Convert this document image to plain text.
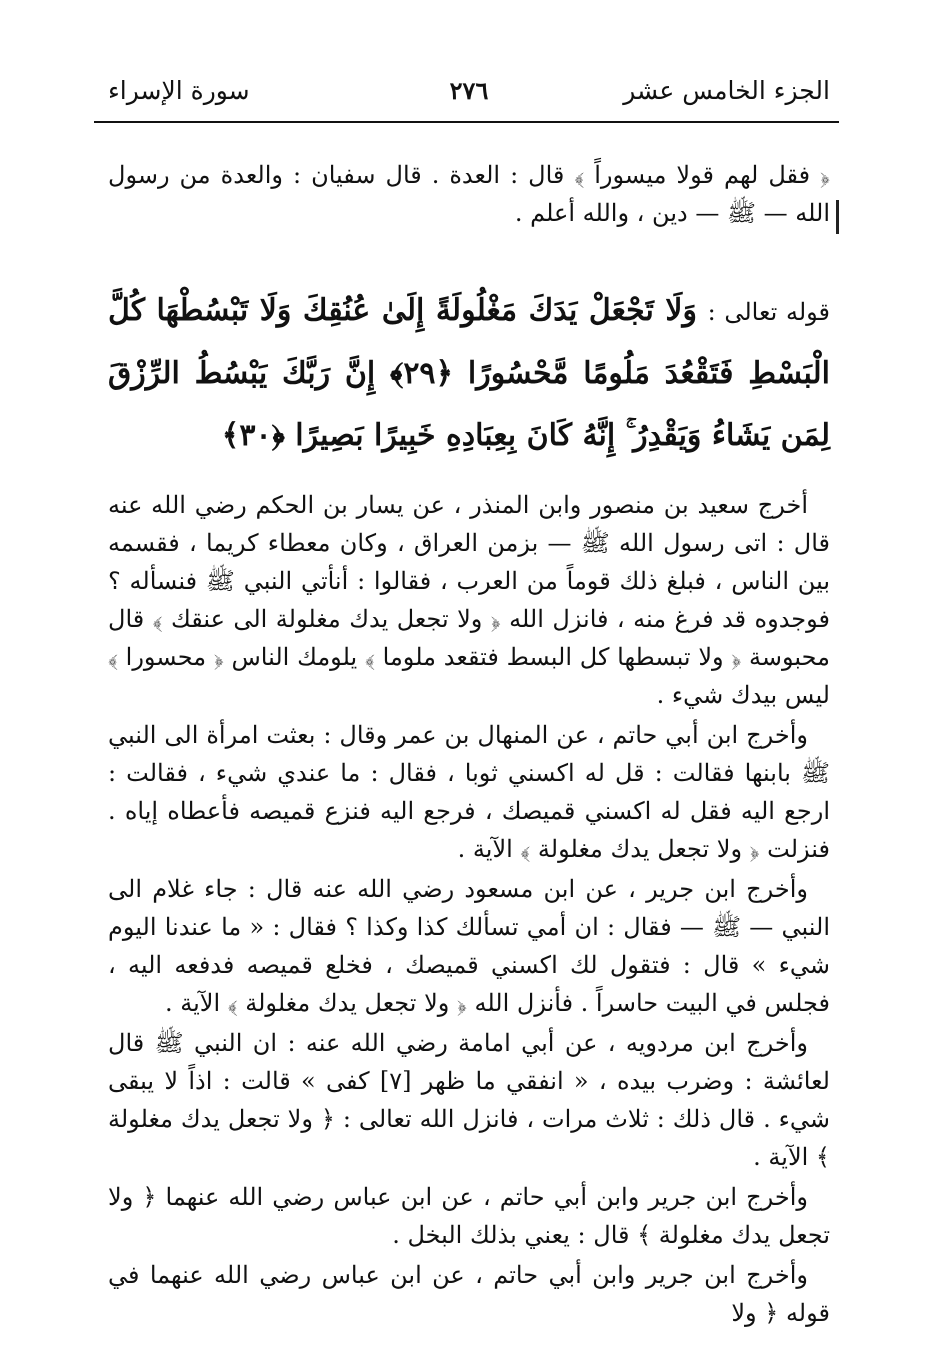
الجزء الخامس عشر
٢٧٦
سورة الإسراء

﴿ فقل لهم قولا ميسوراً ﴾ قال : العدة . قال سفيان : والعدة من رسول الله — ﷺ — دين ، والله أعلم .

قوله تعالى : وَلَا تَجْعَلْ يَدَكَ مَغْلُولَةً إِلَىٰ عُنُقِكَ وَلَا تَبْسُطْهَا كُلَّ الْبَسْطِ فَتَقْعُدَ مَلُومًا مَّحْسُورًا ﴿٢٩﴾ إِنَّ رَبَّكَ يَبْسُطُ الرِّزْقَ لِمَن يَشَاءُ وَيَقْدِرُ ۚ إِنَّهُ كَانَ بِعِبَادِهِ خَبِيرًا بَصِيرًا ﴿٣٠﴾

أخرج سعيد بن منصور وابن المنذر ، عن يسار بن الحكم رضي الله عنه قال : اتى رسول الله ﷺ — بزمن العراق ، وكان معطاء كريما ، فقسمه بين الناس ، فبلغ ذلك قوماً من العرب ، فقالوا : أنأتي النبي ﷺ فنسأله ؟ فوجدوه قد فرغ منه ، فانزل الله ﴿ ولا تجعل يدك مغلولة الى عنقك ﴾ قال محبوسة ﴿ ولا تبسطها كل البسط فتقعد ملوما ﴾ يلومك الناس ﴿ محسورا ﴾ ليس بيدك شيء .

وأخرج ابن أبي حاتم ، عن المنهال بن عمر وقال : بعثت امرأة الى النبي ﷺ بابنها فقالت : قل له اكسني ثوبا ، فقال : ما عندي شيء ، فقالت : ارجع اليه فقل له اكسني قميصك ، فرجع اليه فنزع قميصه فأعطاه إياه . فنزلت ﴿ ولا تجعل يدك مغلولة ﴾ الآية .

وأخرج ابن جرير ، عن ابن مسعود رضي الله عنه قال : جاء غلام الى النبي — ﷺ — فقال : ان أمي تسألك كذا وكذا ؟ فقال : « ما عندنا اليوم شيء » قال : فتقول لك اكسني قميصك ، فخلع قميصه فدفعه اليه ، فجلس في البيت حاسراً . فأنزل الله ﴿ ولا تجعل يدك مغلولة ﴾ الآية .

وأخرج ابن مردويه ، عن أبي امامة رضي الله عنه : ان النبي ﷺ قال لعائشة : وضرب بيده ، « انفقي ما ظهر [٧] كفى » قالت : اذاً لا يبقى شيء . قال ذلك : ثلاث مرات ، فانزل الله تعالى : ﴿ ولا تجعل يدك مغلولة ﴾ الآية .

وأخرج ابن جرير وابن أبي حاتم ، عن ابن عباس رضي الله عنهما ﴿ ولا تجعل يدك مغلولة ﴾ قال : يعني بذلك البخل .

وأخرج ابن جرير وابن أبي حاتم ، عن ابن عباس رضي الله عنهما في قوله ﴿ ولا
